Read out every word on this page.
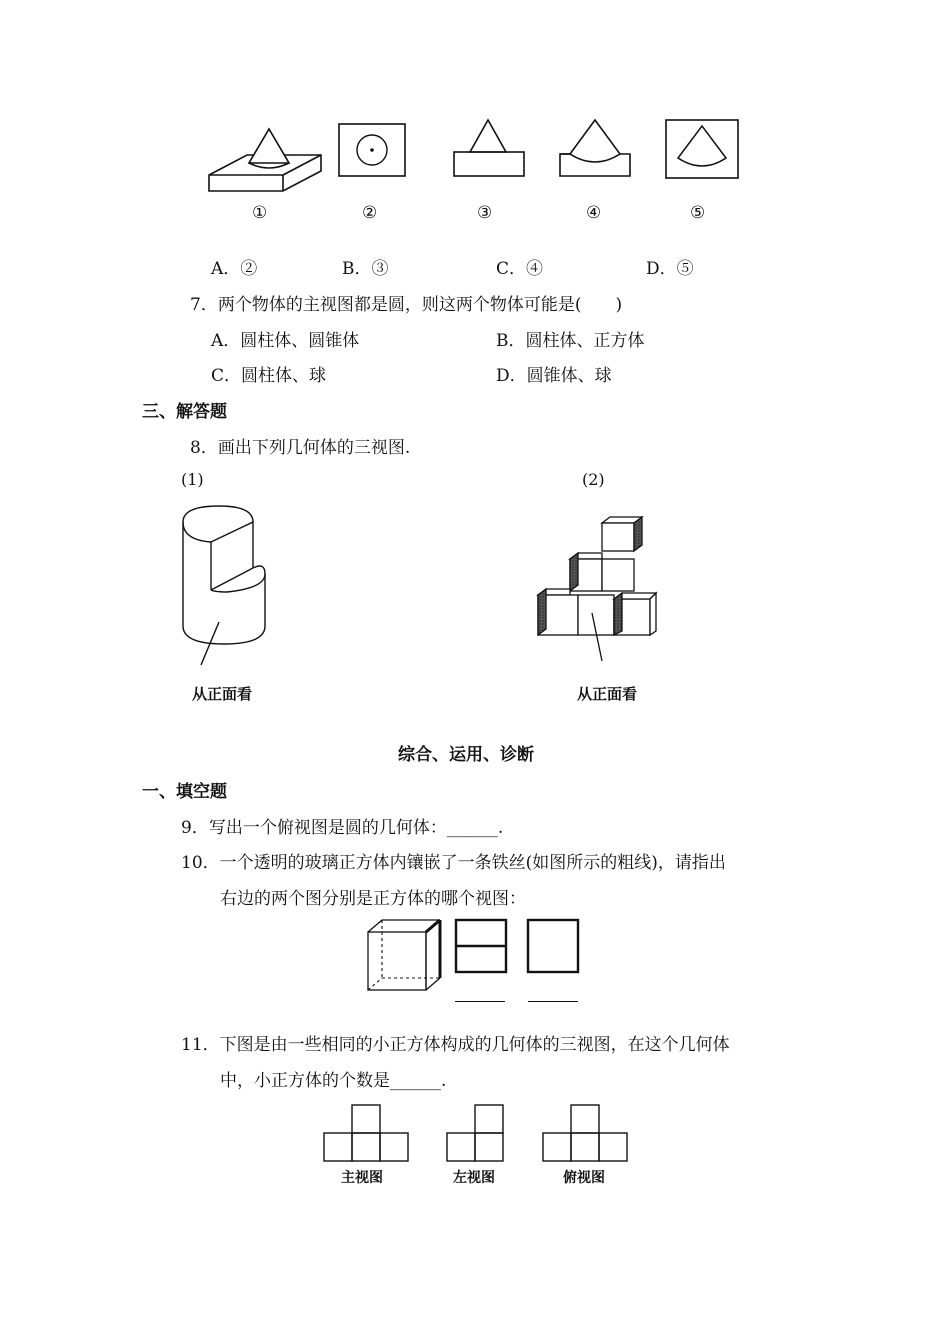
①	②	③	④	⑤
A．②	B．③	C．④	D．⑤
7．两个物体的主视图都是圆，则这两个物体可能是(　　)
A．圆柱体、圆锥体	B．圆柱体、正方体
C．圆柱体、球	D．圆锥体、球
三、解答题
8．画出下列几何体的三视图.
(1)	(2)
从正面看	从正面看
综合、运用、诊断
一、填空题
9．写出一个俯视图是圆的几何体：______.
10．一个透明的玻璃正方体内镶嵌了一条铁丝(如图所示的粗线)，请指出
右边的两个图分别是正方体的哪个视图：
11．下图是由一些相同的小正方体构成的几何体的三视图，在这个几何体
中，小正方体的个数是______.
主视图	左视图	俯视图
